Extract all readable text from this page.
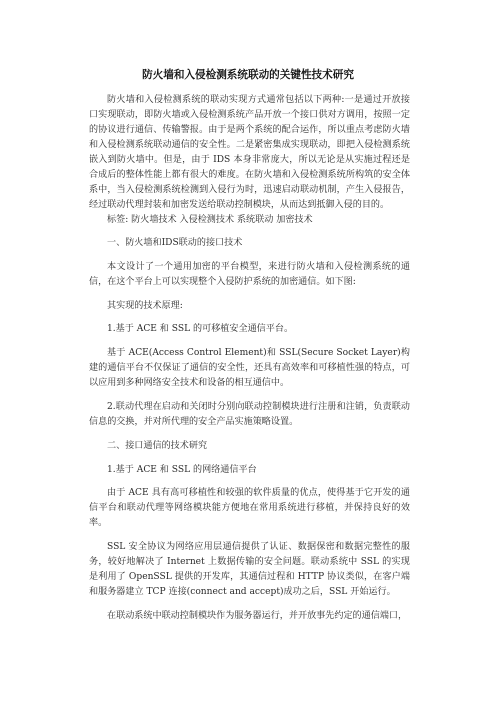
防火墙和入侵检测系统联动的关键性技术研究

防火墙和入侵检测系统的联动实现方式通常包括以下两种:一是通过开放接口实现联动，即防火墙或入侵检测系统产品开放一个接口供对方调用，按照一定的协议进行通信、传输警报。由于是两个系统的配合运作，所以重点考虑防火墙和入侵检测系统联动通信的安全性。二是紧密集成实现联动，即把入侵检测系统嵌入到防火墙中。但是，由于 IDS 本身非常庞大，所以无论是从实施过程还是合成后的整体性能上都有很大的难度。在防火墙和入侵检测系统所构筑的安全体系中，当入侵检测系统检测到入侵行为时，迅速启动联动机制，产生入侵报告，经过联动代理封装和加密发送给联动控制模块，从而达到抵御入侵的目的。

标签: 防火墙技术 入侵检测技术 系统联动 加密技术

一、防火墙和IDS联动的接口技术

本文设计了一个通用加密的平台模型，来进行防火墙和入侵检测系统的通信，在这个平台上可以实现整个入侵防护系统的加密通信。如下图:

其实现的技术原理:

1.基于 ACE 和 SSL 的可移植安全通信平台。

基于 ACE(Access Control Element)和 SSL(Secure Socket Layer)构建的通信平台不仅保证了通信的安全性，还具有高效率和可移植性强的特点，可以应用到多种网络安全技术和设备的相互通信中。

2.联动代理在启动和关闭时分别向联动控制模块进行注册和注销，负责联动信息的交换，并对所代理的安全产品实施策略设置。

二、接口通信的技术研究

1.基于 ACE 和 SSL 的网络通信平台

由于 ACE 具有高可移植性和较强的软件质量的优点，使得基于它开发的通信平台和联动代理等网络模块能方便地在常用系统进行移植，并保持良好的效率。

SSL 安全协议为网络应用层通信提供了认证、数据保密和数据完整性的服务，较好地解决了 Internet 上数据传输的安全问题。联动系统中 SSL 的实现是利用了 OpenSSL 提供的开发库，其通信过程和 HTTP 协议类似，在客户端和服务器建立 TCP 连接(connect and accept)成功之后，SSL 开始运行。

在联动系统中联动控制模块作为服务器运行，并开放事先约定的通信端口，
